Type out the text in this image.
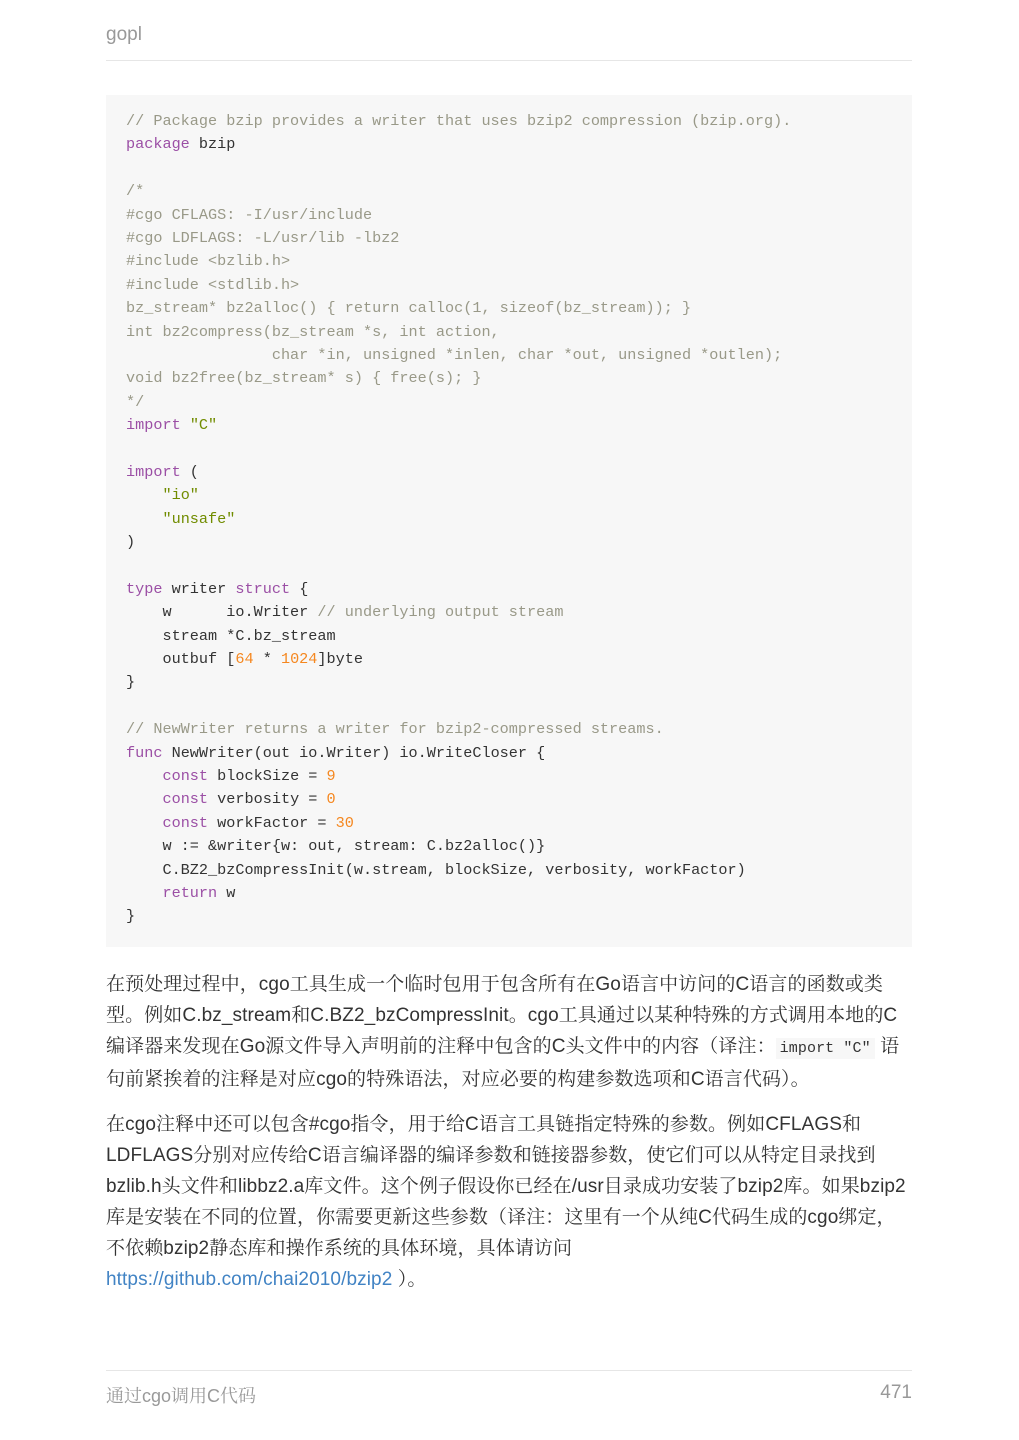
gopl
// Package bzip provides a writer that uses bzip2 compression (bzip.org).
package bzip
/*
#cgo CFLAGS: -I/usr/include
#cgo LDFLAGS: -L/usr/lib -lbz2
#include <bzlib.h>
#include <stdlib.h>
bz_stream* bz2alloc() { return calloc(1, sizeof(bz_stream)); }
int bz2compress(bz_stream *s, int action,
char *in, unsigned *inlen, char *out, unsigned *outlen);
void bz2free(bz_stream* s) { free(s); }
*/
import "C"
import (
"io"
"unsafe"
)
type writer struct {
w      io.Writer // underlying output stream
stream *C.bz_stream
outbuf [64 * 1024]byte
}
// NewWriter returns a writer for bzip2-compressed streams.
func NewWriter(out io.Writer) io.WriteCloser {
const blockSize = 9
const verbosity = 0
const workFactor = 30
w := &writer{w: out, stream: C.bz2alloc()}
C.BZ2_bzCompressInit(w.stream, blockSize, verbosity, workFactor)
return w
}
在预处理过程中，cgo工具生成一个临时包用于包含所有在Go语言中访问的C语言的函数或类型。例如C.bz_stream和C.BZ2_bzCompressInit。cgo工具通过以某种特殊的方式调用本地的C编译器来发现在Go源文件导入声明前的注释中包含的C头文件中的内容（译注： import "C" 语句前紧挨着的注释是对应cgo的特殊语法，对应必要的构建参数选项和C语言代码）。
在cgo注释中还可以包含#cgo指令，用于给C语言工具链指定特殊的参数。例如CFLAGS和LDFLAGS分别对应传给C语言编译器的编译参数和链接器参数，使它们可以从特定目录找到bzlib.h头文件和libbz2.a库文件。这个例子假设你已经在/usr目录成功安装了bzip2库。如果bzip2库是安装在不同的位置，你需要更新这些参数（译注：这里有一个从纯C代码生成的cgo绑定，不依赖bzip2静态库和操作系统的具体环境，具体请访问
https://github.com/chai2010/bzip2 ）。
通过cgo调用C代码	471
